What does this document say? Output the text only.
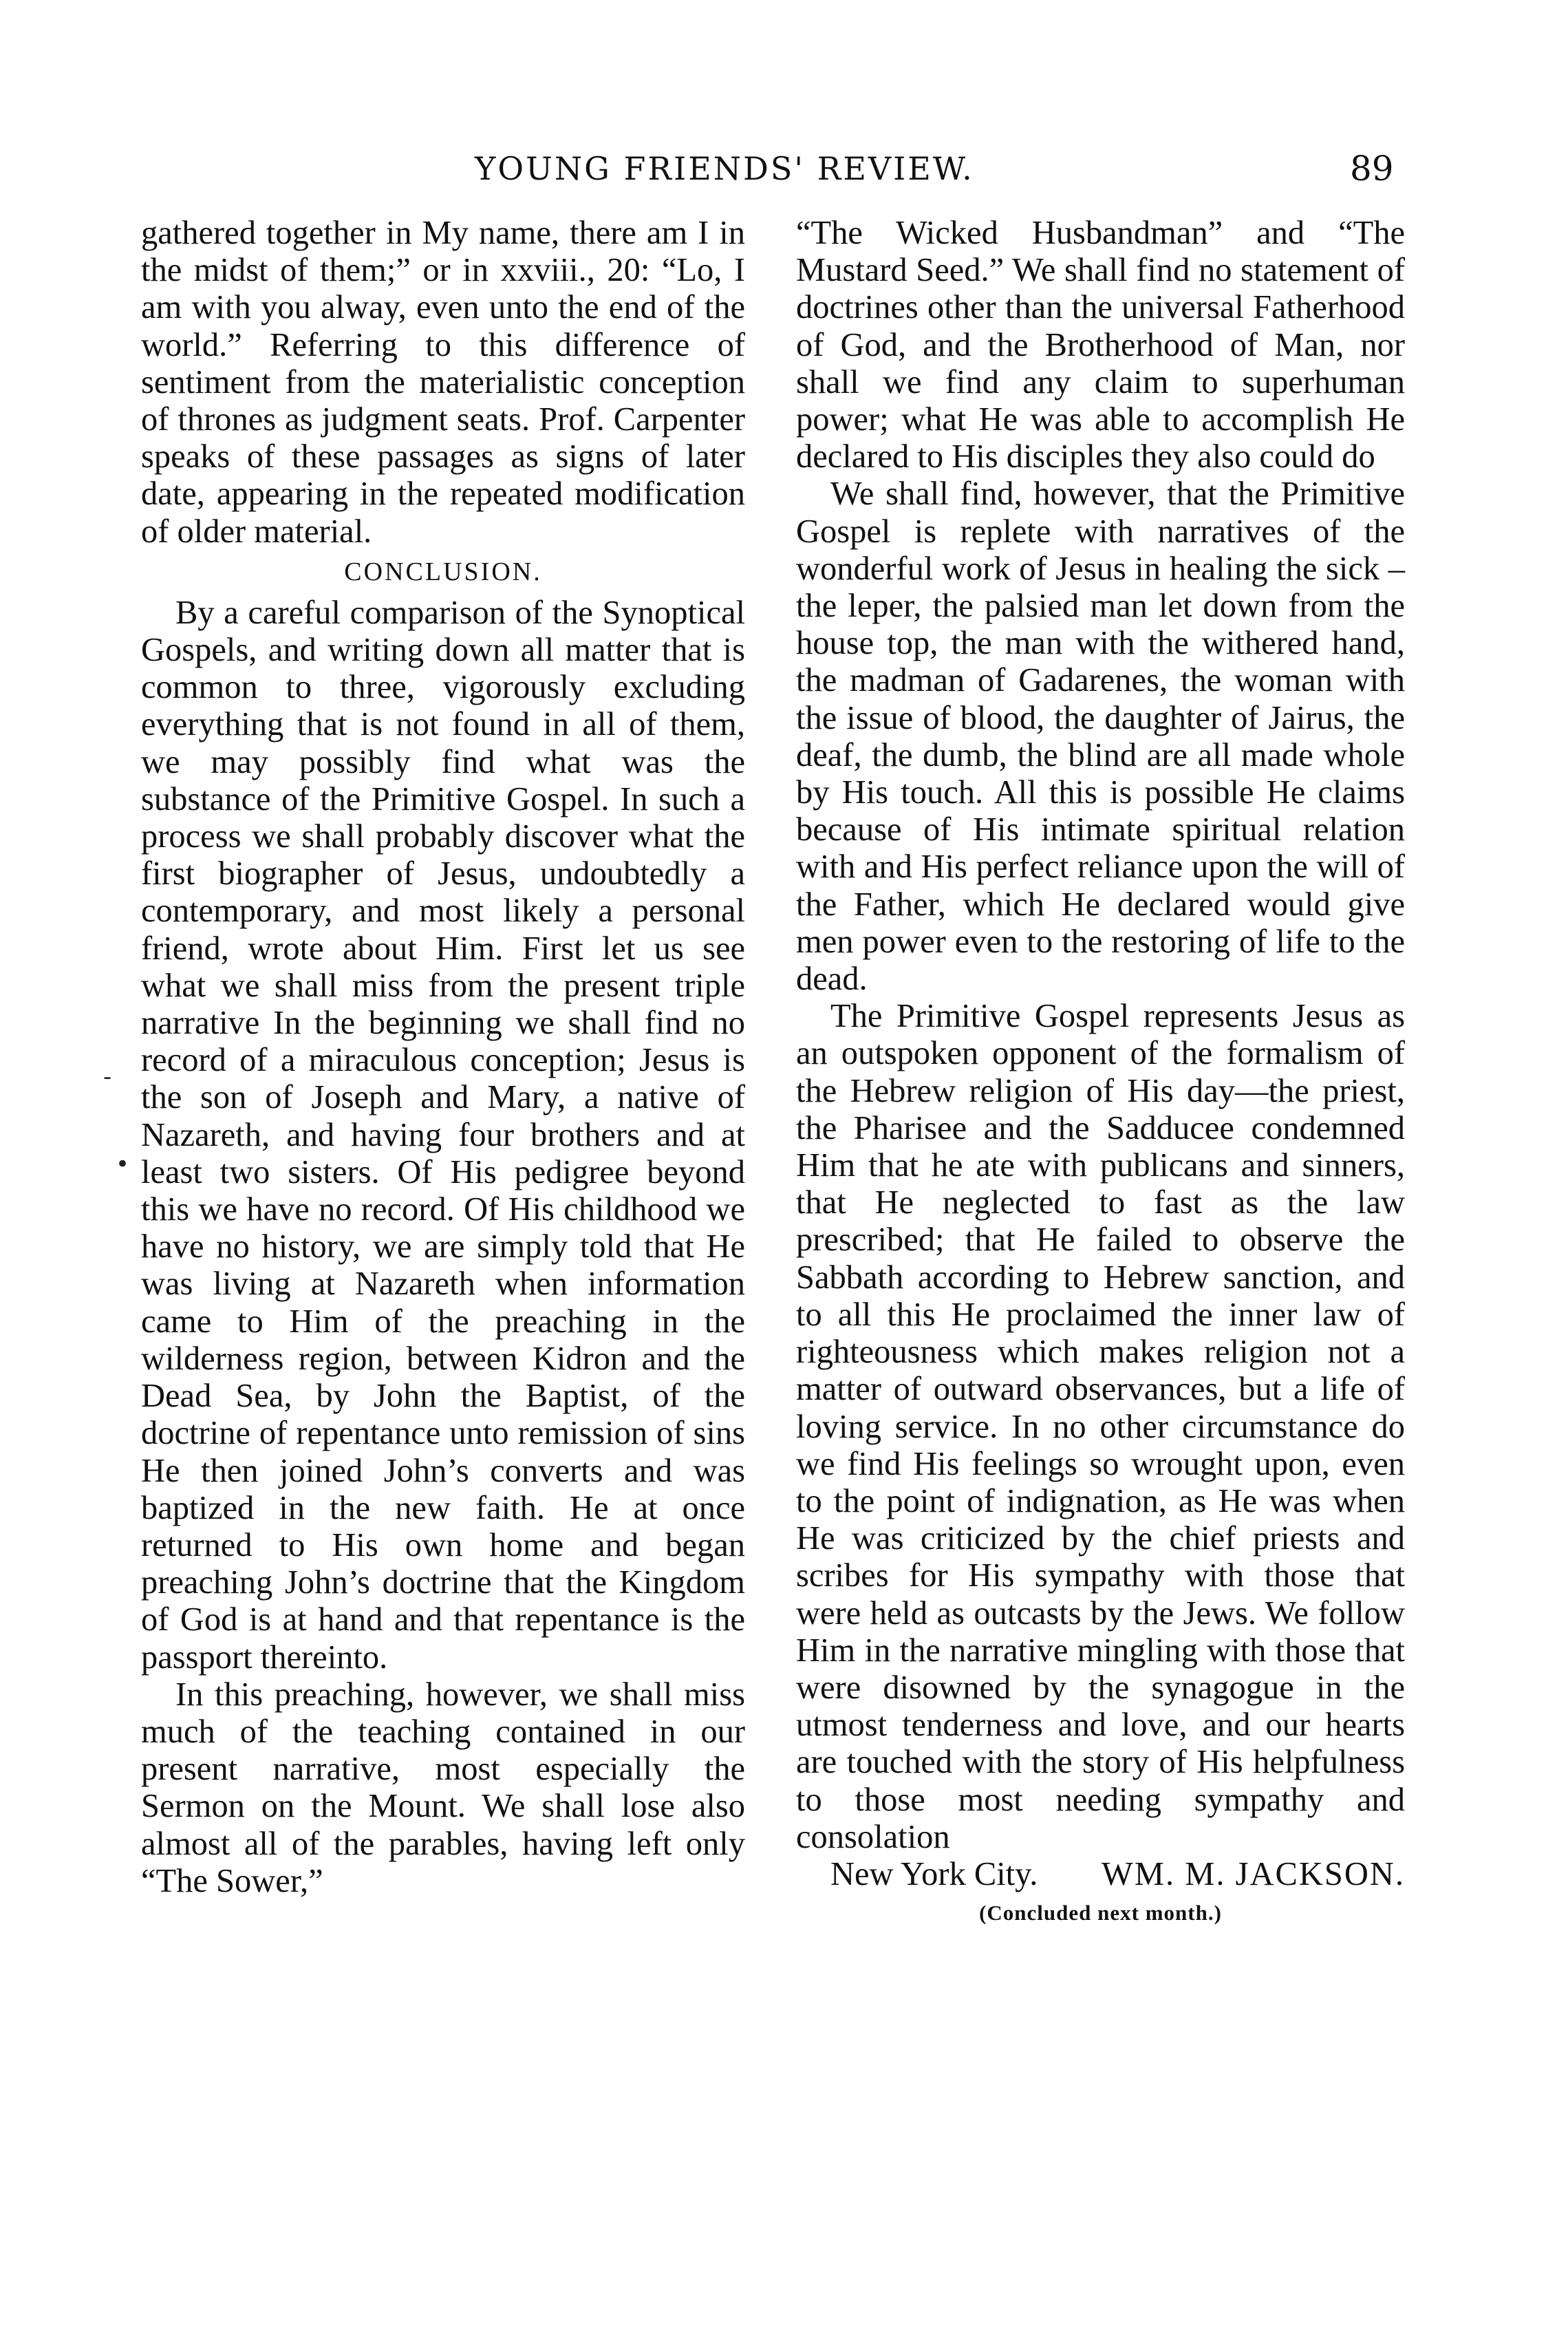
YOUNG FRIENDS' REVIEW.	89
-
•

gathered together in My name, there am I in the midst of them;” or in xxviii., 20: “Lo, I am with you alway, even unto the end of the world.” Referring to this difference of sentiment from the materialistic conception of thrones as judgment seats. Prof. Carpenter speaks of these passages as signs of later date, appearing in the repeated modification of older material.

CONCLUSION.

By a careful comparison of the Synoptical Gospels, and writing down all matter that is common to three, vigorously excluding everything that is not found in all of them, we may possibly find what was the substance of the Primitive Gospel. In such a process we shall probably discover what the first biographer of Jesus, undoubtedly a contemporary, and most likely a personal friend, wrote about Him. First let us see what we shall miss from the present triple narrative In the beginning we shall find no record of a miraculous conception; Jesus is the son of Joseph and Mary, a native of Nazareth, and having four brothers and at least two sisters. Of His pedigree beyond this we have no record. Of His childhood we have no history, we are simply told that He was living at Nazareth when information came to Him of the preaching in the wilderness region, between Kidron and the Dead Sea, by John the Baptist, of the doctrine of repentance unto remission of sins He then joined John’s converts and was baptized in the new faith. He at once returned to His own home and began preaching John’s doctrine that the Kingdom of God is at hand and that repentance is the passport thereinto.

In this preaching, however, we shall miss much of the teaching contained in our present narrative, most especially the Sermon on the Mount. We shall lose also almost all of the parables, having left only “The Sower,”

“The Wicked Husbandman” and “The Mustard Seed.” We shall find no statement of doctrines other than the universal Fatherhood of God, and the Brotherhood of Man, nor shall we find any claim to superhuman power; what He was able to accomplish He declared to His disciples they also could do

We shall find, however, that the Primitive Gospel is replete with narratives of the wonderful work of Jesus in healing the sick – the leper, the palsied man let down from the house top, the man with the withered hand, the madman of Gadarenes, the woman with the issue of blood, the daughter of Jairus, the deaf, the dumb, the blind are all made whole by His touch. All this is possible He claims because of His intimate spiritual relation with and His perfect reliance upon the will of the Father, which He declared would give men power even to the restoring of life to the dead.

The Primitive Gospel represents Jesus as an outspoken opponent of the formalism of the Hebrew religion of His day—the priest, the Pharisee and the Sadducee condemned Him that he ate with publicans and sinners, that He neglected to fast as the law prescribed; that He failed to observe the Sabbath according to Hebrew sanction, and to all this He proclaimed the inner law of righteousness which makes religion not a matter of outward observances, but a life of loving service. In no other circumstance do we find His feelings so wrought upon, even to the point of indignation, as He was when He was criticized by the chief priests and scribes for His sympathy with those that were held as outcasts by the Jews. We follow Him in the narrative mingling with those that were disowned by the synagogue in the utmost tenderness and love, and our hearts are touched with the story of His helpfulness to those most needing sympathy and consolation

New York City. WM. M. JACKSON.
(Concluded next month.)
